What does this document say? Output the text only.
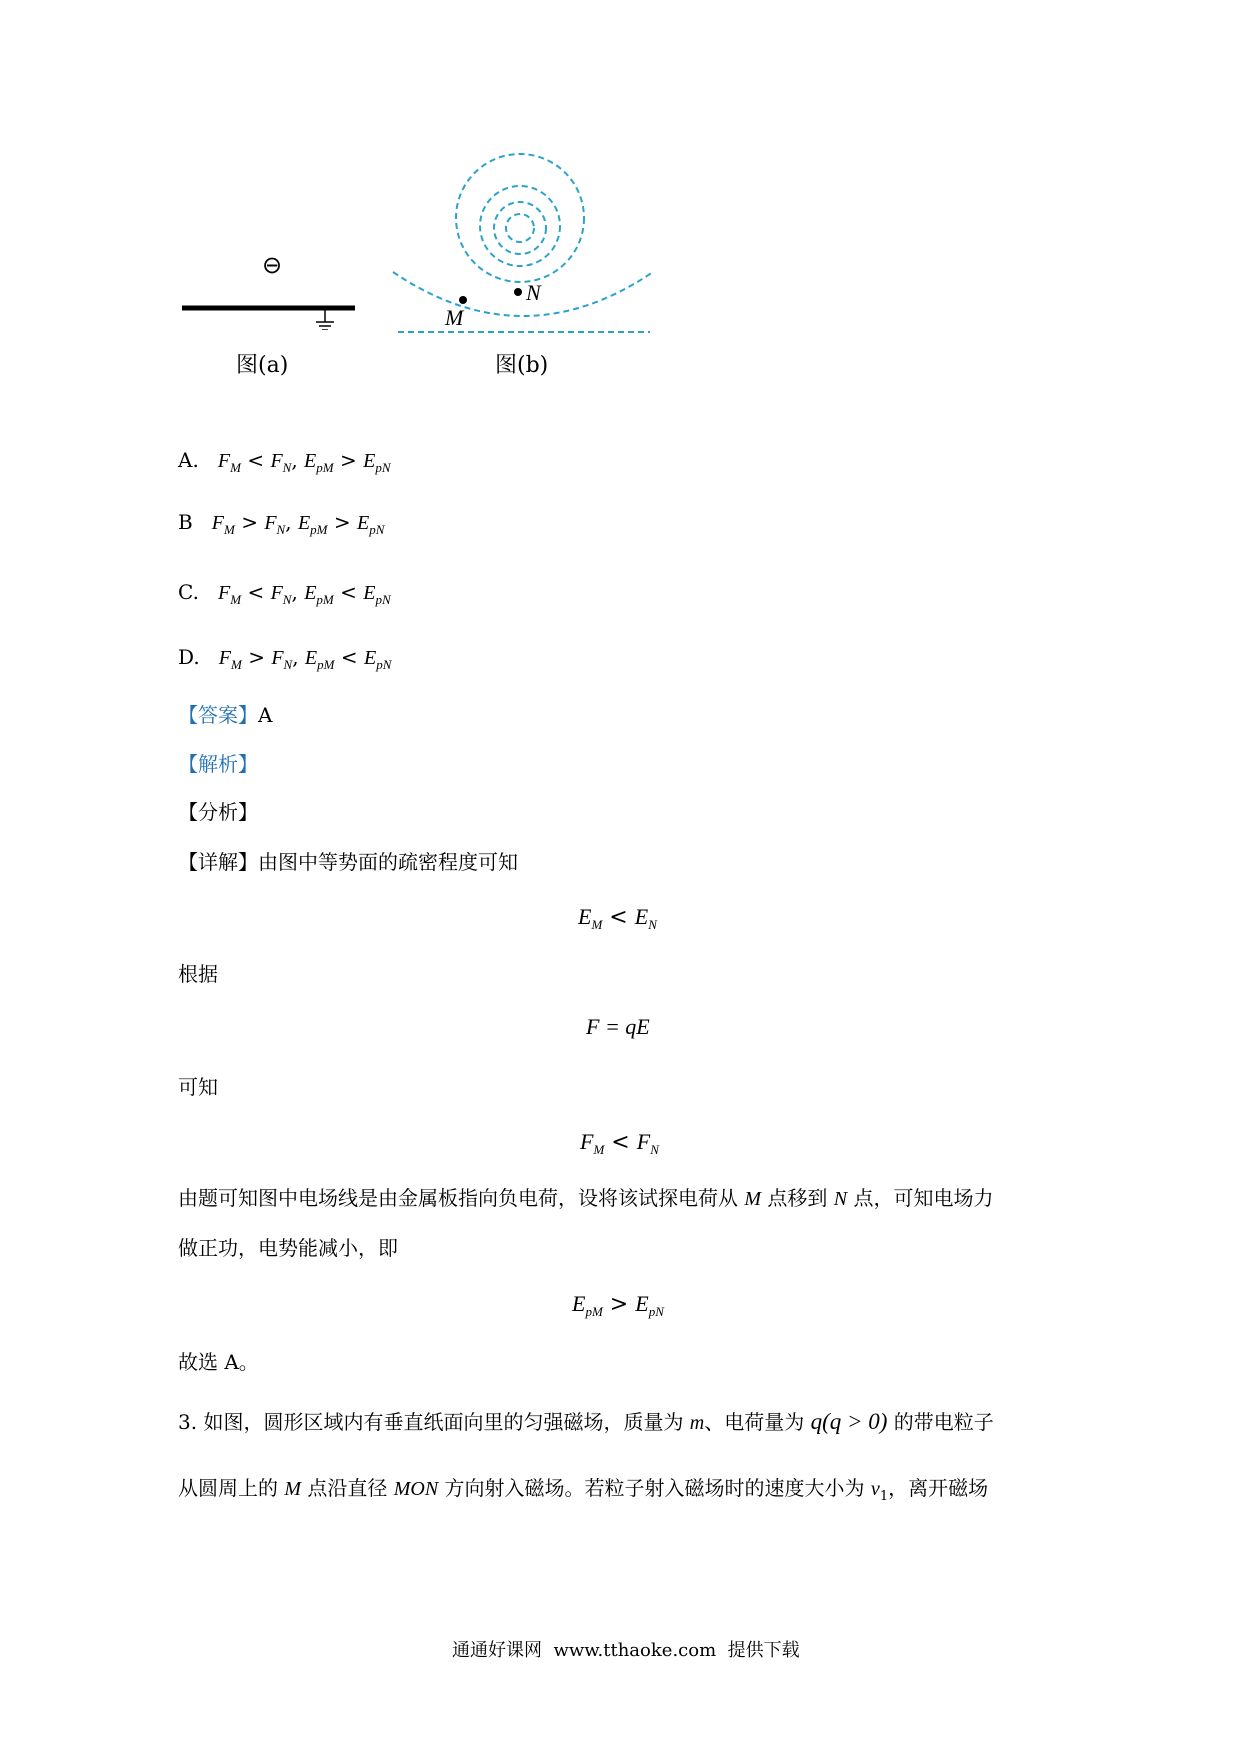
⊖
图(a)
M
N
图(b)
A. $F_M < F_N$, $E_{pM} > E_{pN}$
B $F_M > F_N$, $E_{pM} > E_{pN}$
C. $F_M < F_N$, $E_{pM} < E_{pN}$
D. $F_M > F_N$, $E_{pM} < E_{pN}$
【答案】A
【解析】
【分析】
【详解】由图中等势面的疏密程度可知
$E_M < E_N$
根据
F = qE
可知
$F_M < F_N$
由题可知图中电场线是由金属板指向负电荷，设将该试探电荷从 M 点移到 N 点，可知电场力
做正功，电势能减小，即
$E_{pM} > E_{pN}$
故选 A。
3. 如图，圆形区域内有垂直纸面向里的匀强磁场，质量为 m、电荷量为 q(q > 0) 的带电粒子
从圆周上的 M 点沿直径 MON 方向射入磁场。若粒子射入磁场时的速度大小为 $v_1$，离开磁场
通通好课网  www.tthaoke.com  提供下载
